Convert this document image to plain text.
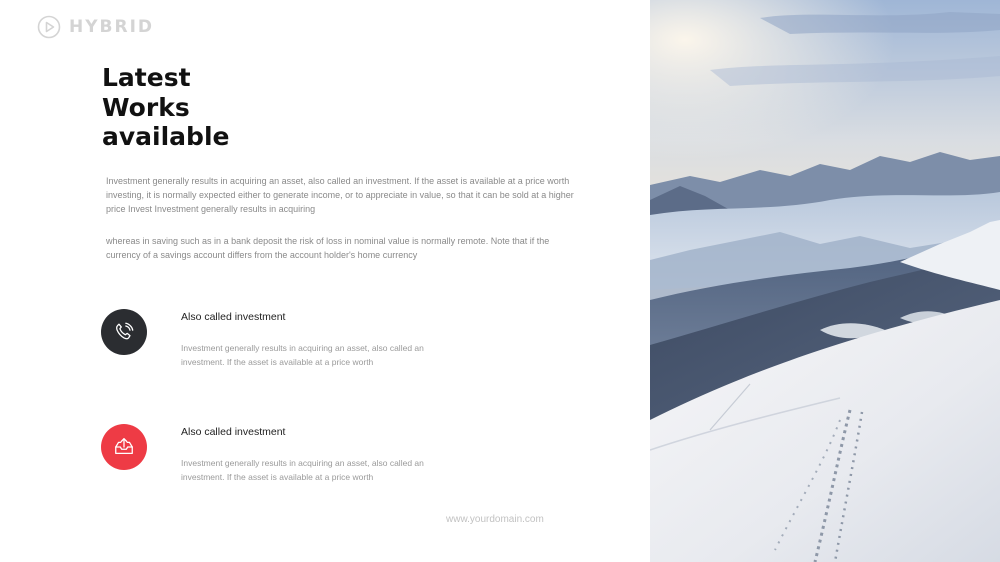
HYBRID
Latest
Works
available

Investment generally results in acquiring an asset, also called an investment. If the asset is available at a price worth investing, it is normally expected either to generate income, or to appreciate in value, so that it can be sold at a higher price Invest Investment generally results in acquiring

whereas in saving such as in a bank deposit the risk of loss in nominal value is normally remote. Note that if the currency of a savings account differs from the account holder's home currency

Also called investment

Investment generally results in acquiring an asset, also called an investment. If the asset is available at a price worth

Also called investment

Investment generally results in acquiring an asset, also called an investment. If the asset is available at a price worth

www.yourdomain.com
